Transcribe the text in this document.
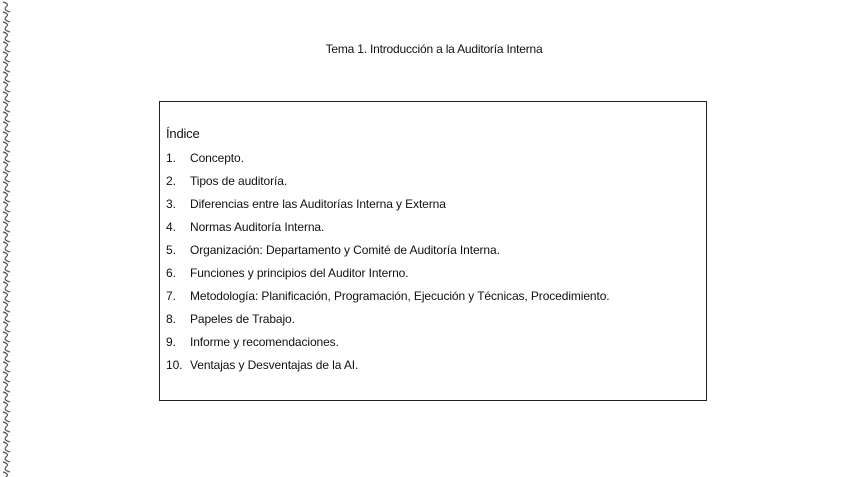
Tema 1. Introducción a la Auditoría Interna
Índice
1. Concepto.
2. Tipos de auditoría.
3. Diferencias entre las Auditorías Interna y Externa
4. Normas Auditoría Interna.
5. Organización: Departamento y Comité de Auditoría Interna.
6. Funciones y principios del Auditor Interno.
7. Metodología: Planificación, Programación, Ejecución y Técnicas, Procedimiento.
8. Papeles de Trabajo.
9. Informe y recomendaciones.
10. Ventajas y Desventajas de la AI.
